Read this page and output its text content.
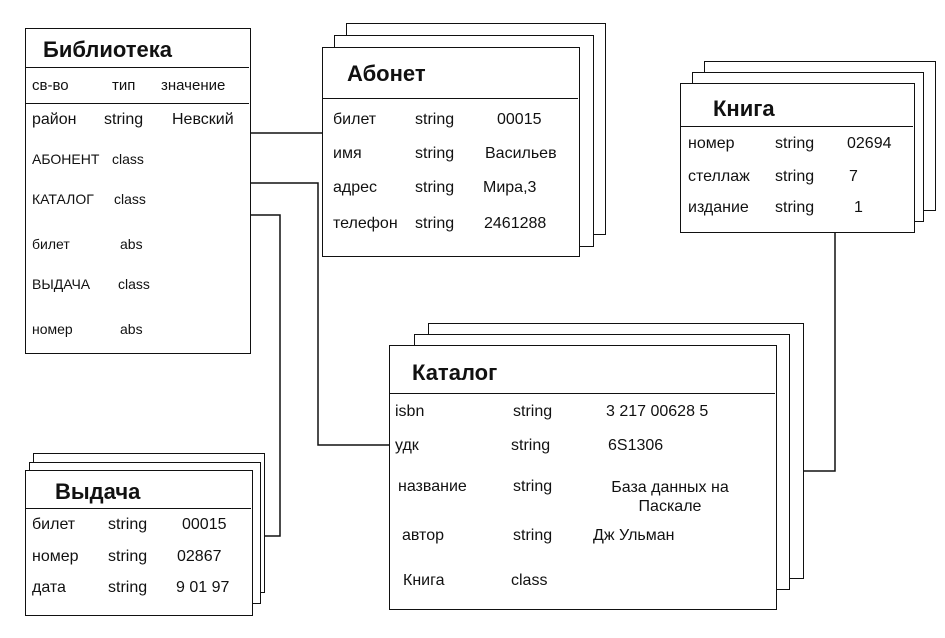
Библиотека
св-во	тип значение
район string Невский
АБОНЕНТ class
КАТАЛОГ class
билет	abs
ВЫДАЧА class
номер	abs
Абонет
билет string	00015
имя	string Васильев
адрес string Мира,3
телефон string 2461288
Книга
номер	string 02694
стеллаж string 7
издание string 1
Каталог
isbn	string	3 217 00628 5
удк	string	6S1306
название	string	База данных на Паскале
автор	string	Дж Ульман
Книга	class
Выдача
билет string 00015
номер string 02867
дата	string 9 01 97
